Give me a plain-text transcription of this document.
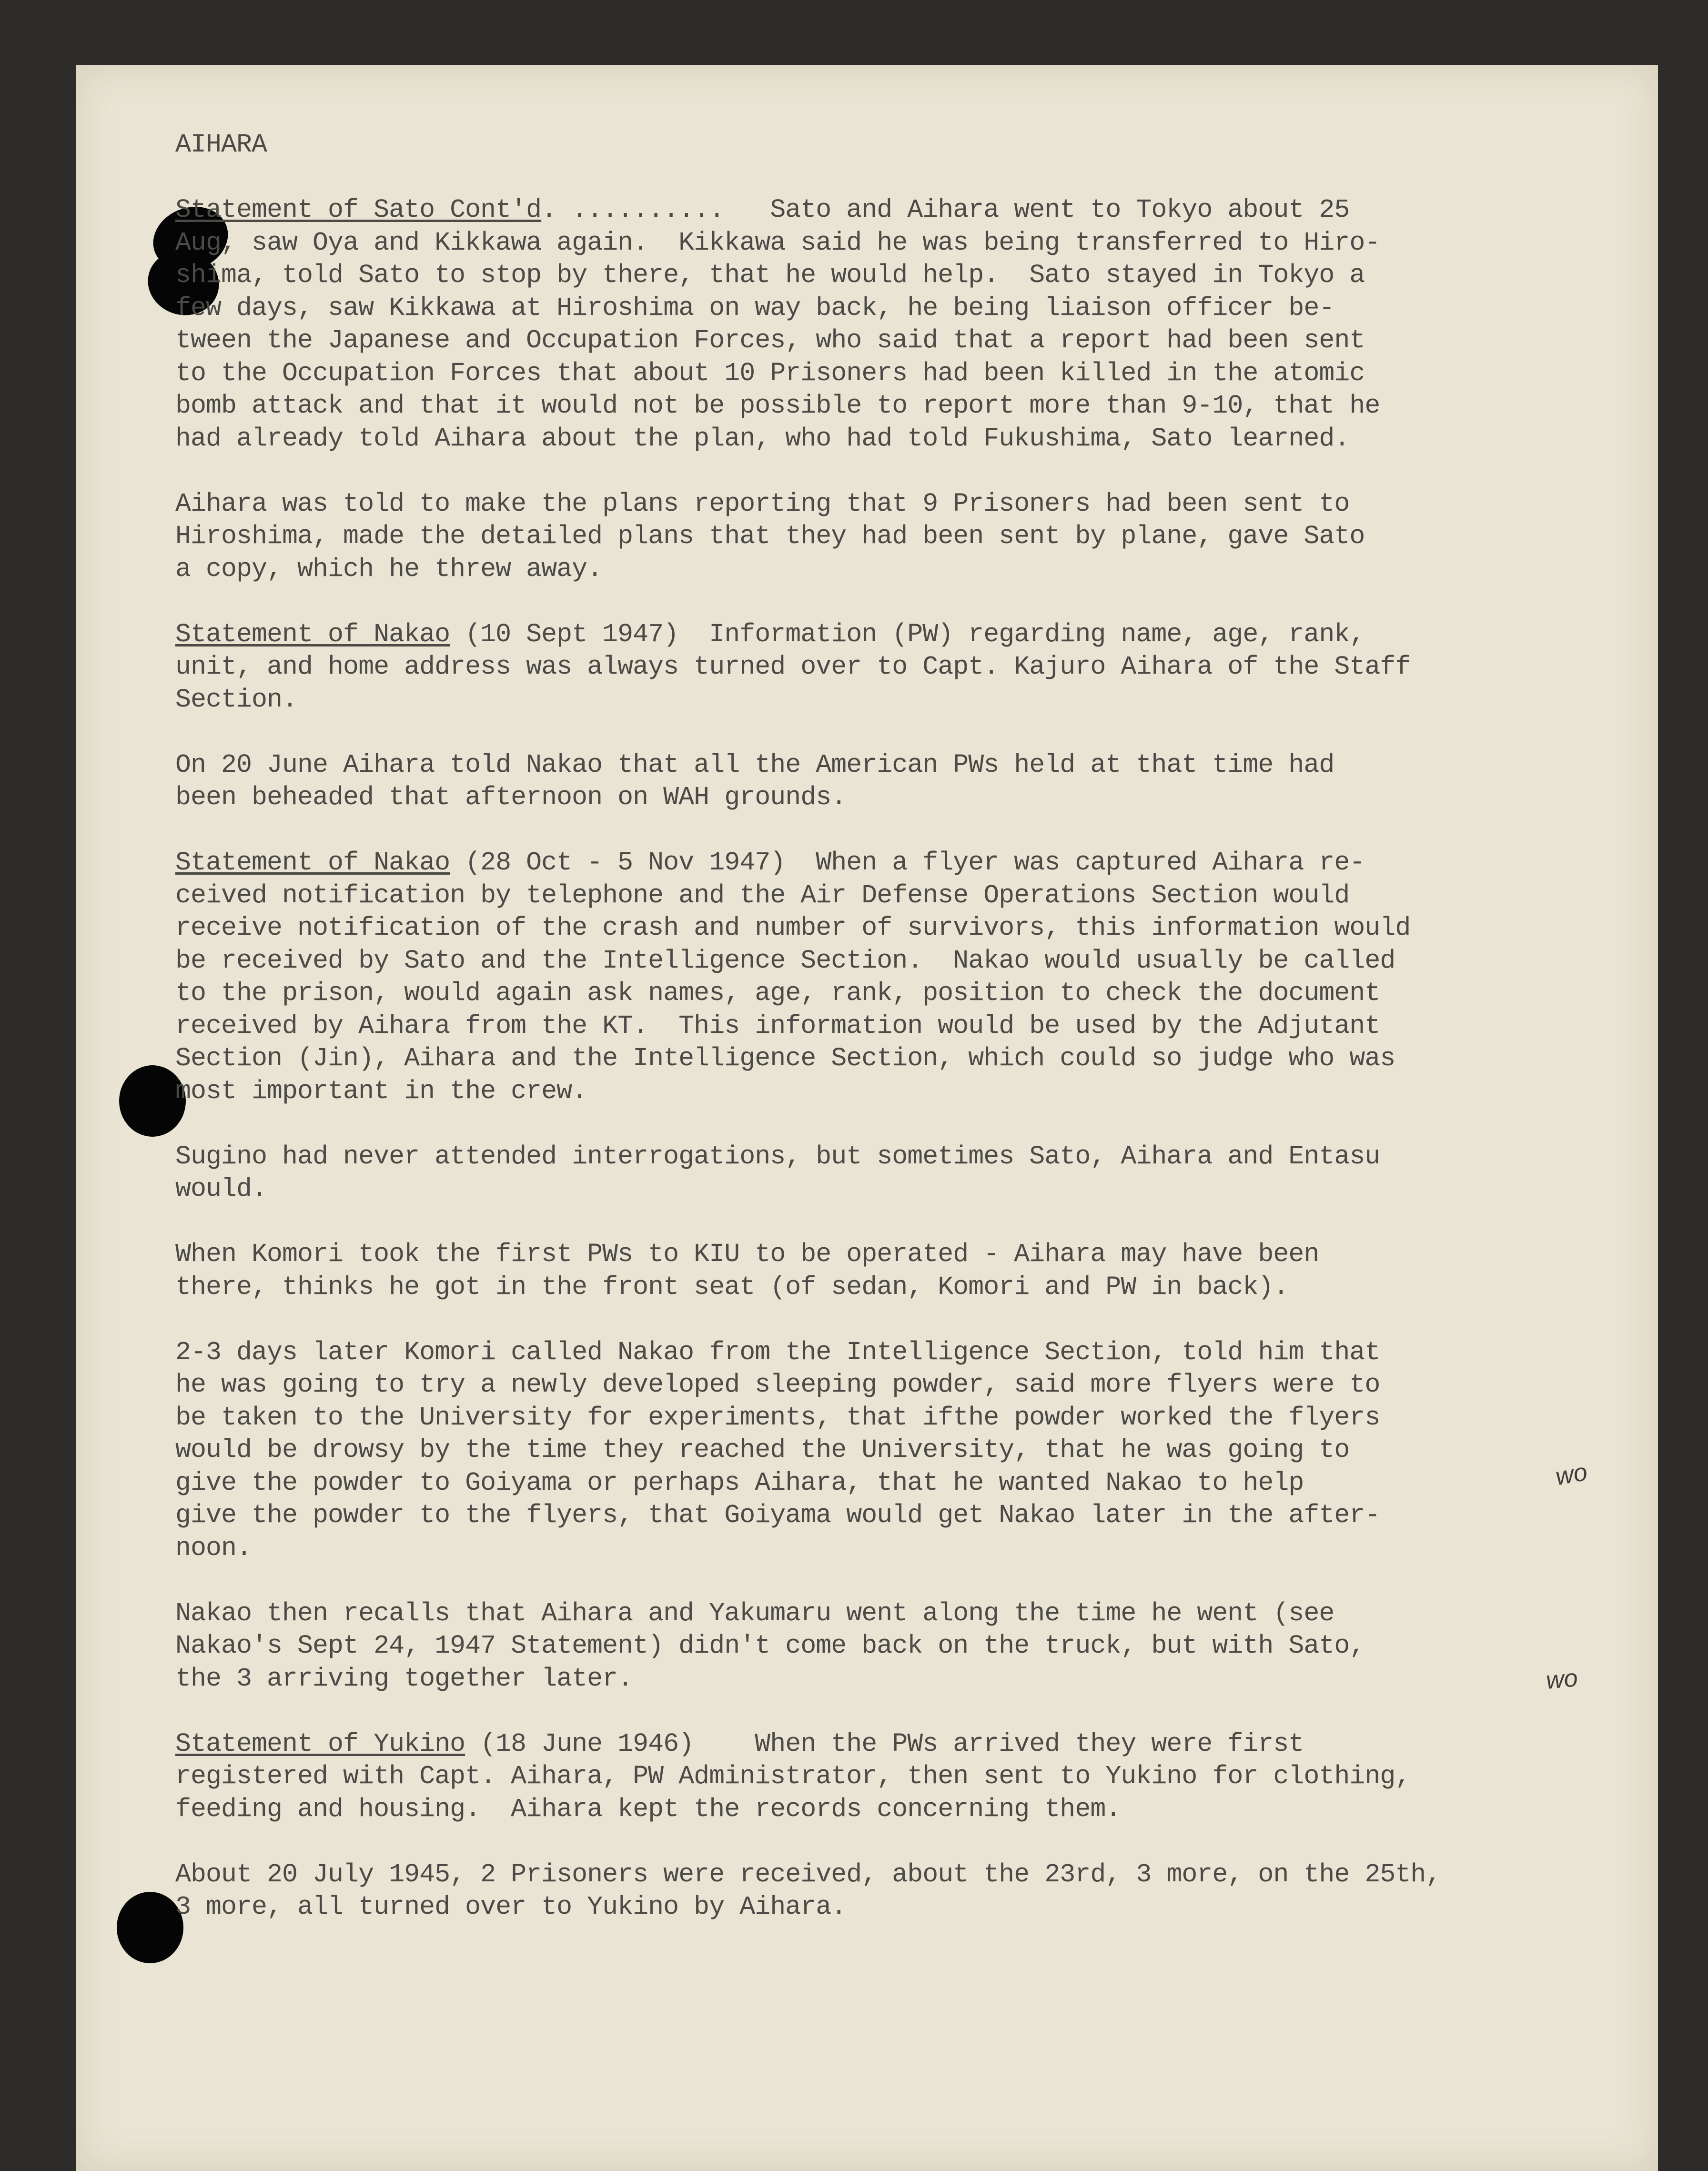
wo
wo
AIHARA
Statement of Sato Cont'd. ..........   Sato and Aihara went to Tokyo about 25
Aug, saw Oya and Kikkawa again.  Kikkawa said he was being transferred to Hiro-
shima, told Sato to stop by there, that he would help.  Sato stayed in Tokyo a
few days, saw Kikkawa at Hiroshima on way back, he being liaison officer be-
tween the Japanese and Occupation Forces, who said that a report had been sent
to the Occupation Forces that about 10 Prisoners had been killed in the atomic
bomb attack and that it would not be possible to report more than 9-10, that he
had already told Aihara about the plan, who had told Fukushima, Sato learned.
Aihara was told to make the plans reporting that 9 Prisoners had been sent to
Hiroshima, made the detailed plans that they had been sent by plane, gave Sato
a copy, which he threw away.
Statement of Nakao (10 Sept 1947)  Information (PW) regarding name, age, rank,
unit, and home address was always turned over to Capt. Kajuro Aihara of the Staff
Section.
On 20 June Aihara told Nakao that all the American PWs held at that time had
been beheaded that afternoon on WAH grounds.
Statement of Nakao (28 Oct - 5 Nov 1947)  When a flyer was captured Aihara re-
ceived notification by telephone and the Air Defense Operations Section would
receive notification of the crash and number of survivors, this information would
be received by Sato and the Intelligence Section.  Nakao would usually be called
to the prison, would again ask names, age, rank, position to check the document
received by Aihara from the KT.  This information would be used by the Adjutant
Section (Jin), Aihara and the Intelligence Section, which could so judge who was
most important in the crew.
Sugino had never attended interrogations, but sometimes Sato, Aihara and Entasu
would.
When Komori took the first PWs to KIU to be operated - Aihara may have been
there, thinks he got in the front seat (of sedan, Komori and PW in back).
2-3 days later Komori called Nakao from the Intelligence Section, told him that
he was going to try a newly developed sleeping powder, said more flyers were to
be taken to the University for experiments, that ifthe powder worked the flyers
would be drowsy by the time they reached the University, that he was going to
give the powder to Goiyama or perhaps Aihara, that he wanted Nakao to help
give the powder to the flyers, that Goiyama would get Nakao later in the after-
noon.
Nakao then recalls that Aihara and Yakumaru went along the time he went (see
Nakao's Sept 24, 1947 Statement) didn't come back on the truck, but with Sato,
the 3 arriving together later.
Statement of Yukino (18 June 1946)    When the PWs arrived they were first
registered with Capt. Aihara, PW Administrator, then sent to Yukino for clothing,
feeding and housing.  Aihara kept the records concerning them.
About 20 July 1945, 2 Prisoners were received, about the 23rd, 3 more, on the 25th,
3 more, all turned over to Yukino by Aihara.
